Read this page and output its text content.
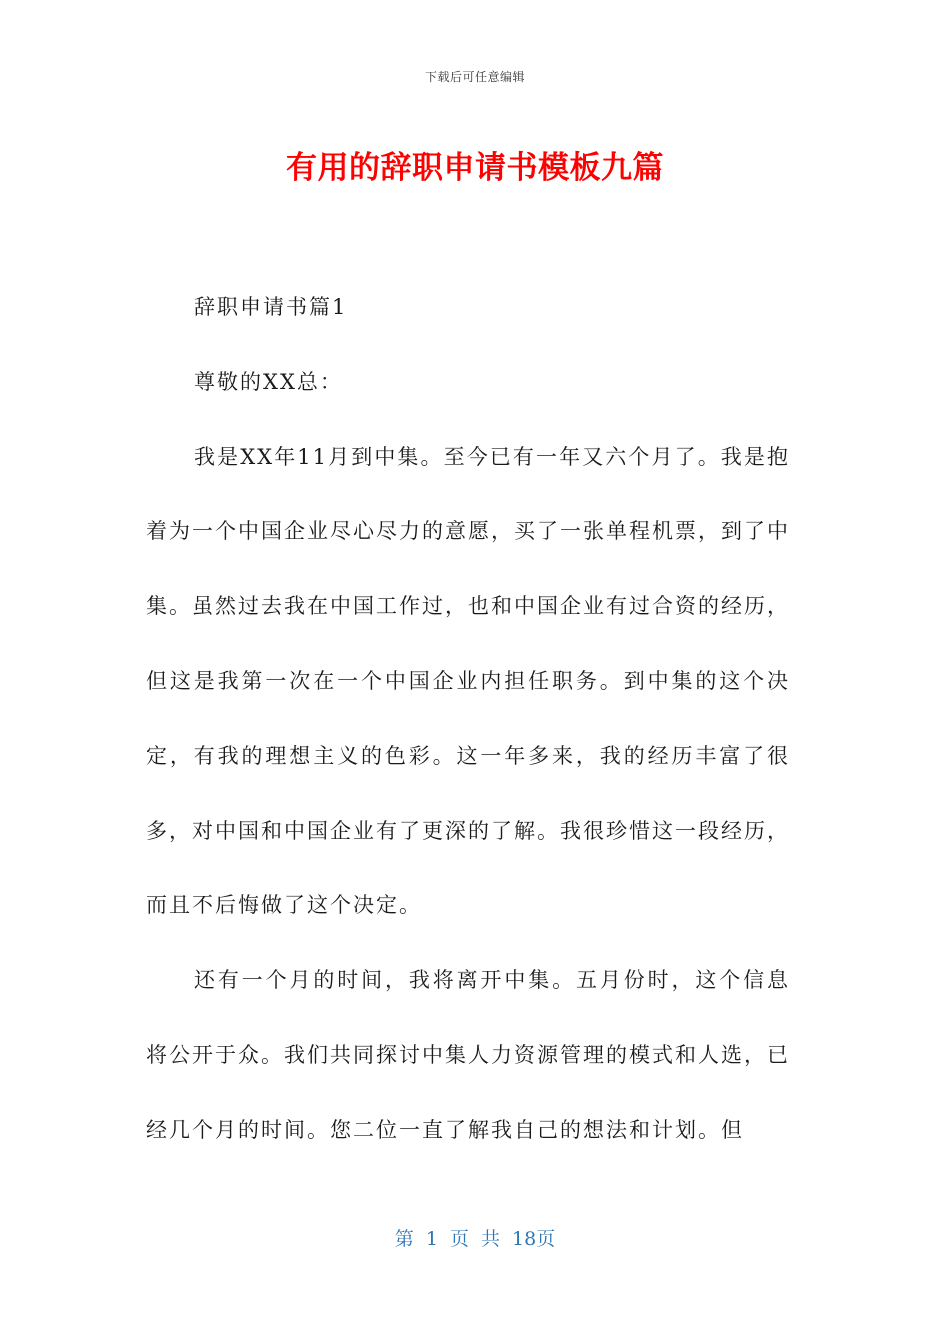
下载后可任意编辑
有用的辞职申请书模板九篇

辞职申请书篇1

尊敬的XX总：

我是XX年11月到中集。至今已有一年又六个月了。我是抱着为一个中国企业尽心尽力的意愿，买了一张单程机票，到了中集。虽然过去我在中国工作过，也和中国企业有过合资的经历，但这是我第一次在一个中国企业内担任职务。到中集的这个决定，有我的理想主义的色彩。这一年多来，我的经历丰富了很多，对中国和中国企业有了更深的了解。我很珍惜这一段经历，而且不后悔做了这个决定。

还有一个月的时间，我将离开中集。五月份时，这个信息将公开于众。我们共同探讨中集人力资源管理的模式和人选，已经几个月的时间。您二位一直了解我自己的想法和计划。但

第 1 页 共 18页
